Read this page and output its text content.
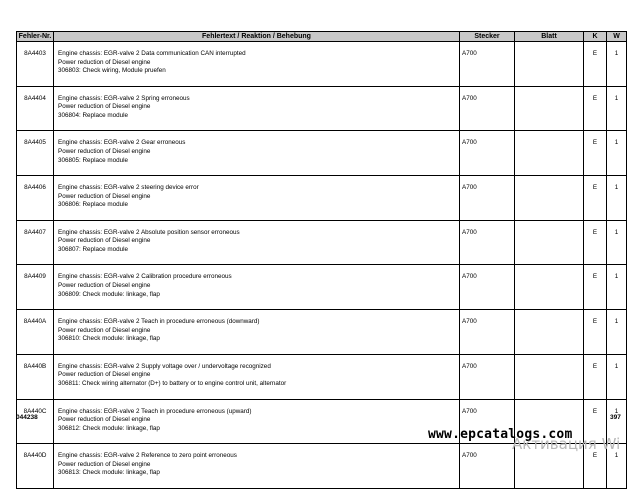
Fehler-Nr.	Fehlertext / Reaktion / Behebung	Stecker	Blatt	K	W
8A4403	Engine chassis: EGR-valve 2 Data communication CAN interrupted
Power reduction of Diesel engine
306803: Check wiring, Module pruefen	A700		E	1
8A4404	Engine chassis: EGR-valve 2 Spring erroneous
Power reduction of Diesel engine
306804: Replace module	A700		E	1
8A4405	Engine chassis: EGR-valve 2 Gear erroneous
Power reduction of Diesel engine
306805: Replace module	A700		E	1
8A4406	Engine chassis: EGR-valve 2 steering device error
Power reduction of Diesel engine
306806: Replace module	A700		E	1
8A4407	Engine chassis: EGR-valve 2 Absolute position sensor erroneous
Power reduction of Diesel engine
306807: Replace module	A700		E	1
8A4409	Engine chassis: EGR-valve 2 Calibration procedure erroneous
Power reduction of Diesel engine
306809: Check module: linkage, flap	A700		E	1
8A440A	Engine chassis: EGR-valve 2 Teach in procedure erroneous (downward)
Power reduction of Diesel engine
306810: Check module: linkage, flap	A700		E	1
8A440B	Engine chassis: EGR-valve 2 Supply voltage over / undervoltage recognized
Power reduction of Diesel engine
306811: Check wiring alternator (D+) to battery or to engine control unit, alternator	A700		E	1
8A440C	Engine chassis: EGR-valve 2 Teach in procedure erroneous (upward)
Power reduction of Diesel engine
306812: Check module: linkage, flap	A700		E	1
8A440D	Engine chassis: EGR-valve 2 Reference to zero point erroneous
Power reduction of Diesel engine
306813: Check module: linkage, flap	A700		E	1
044238	397
www.epcatalogs.com
Активация Wi
